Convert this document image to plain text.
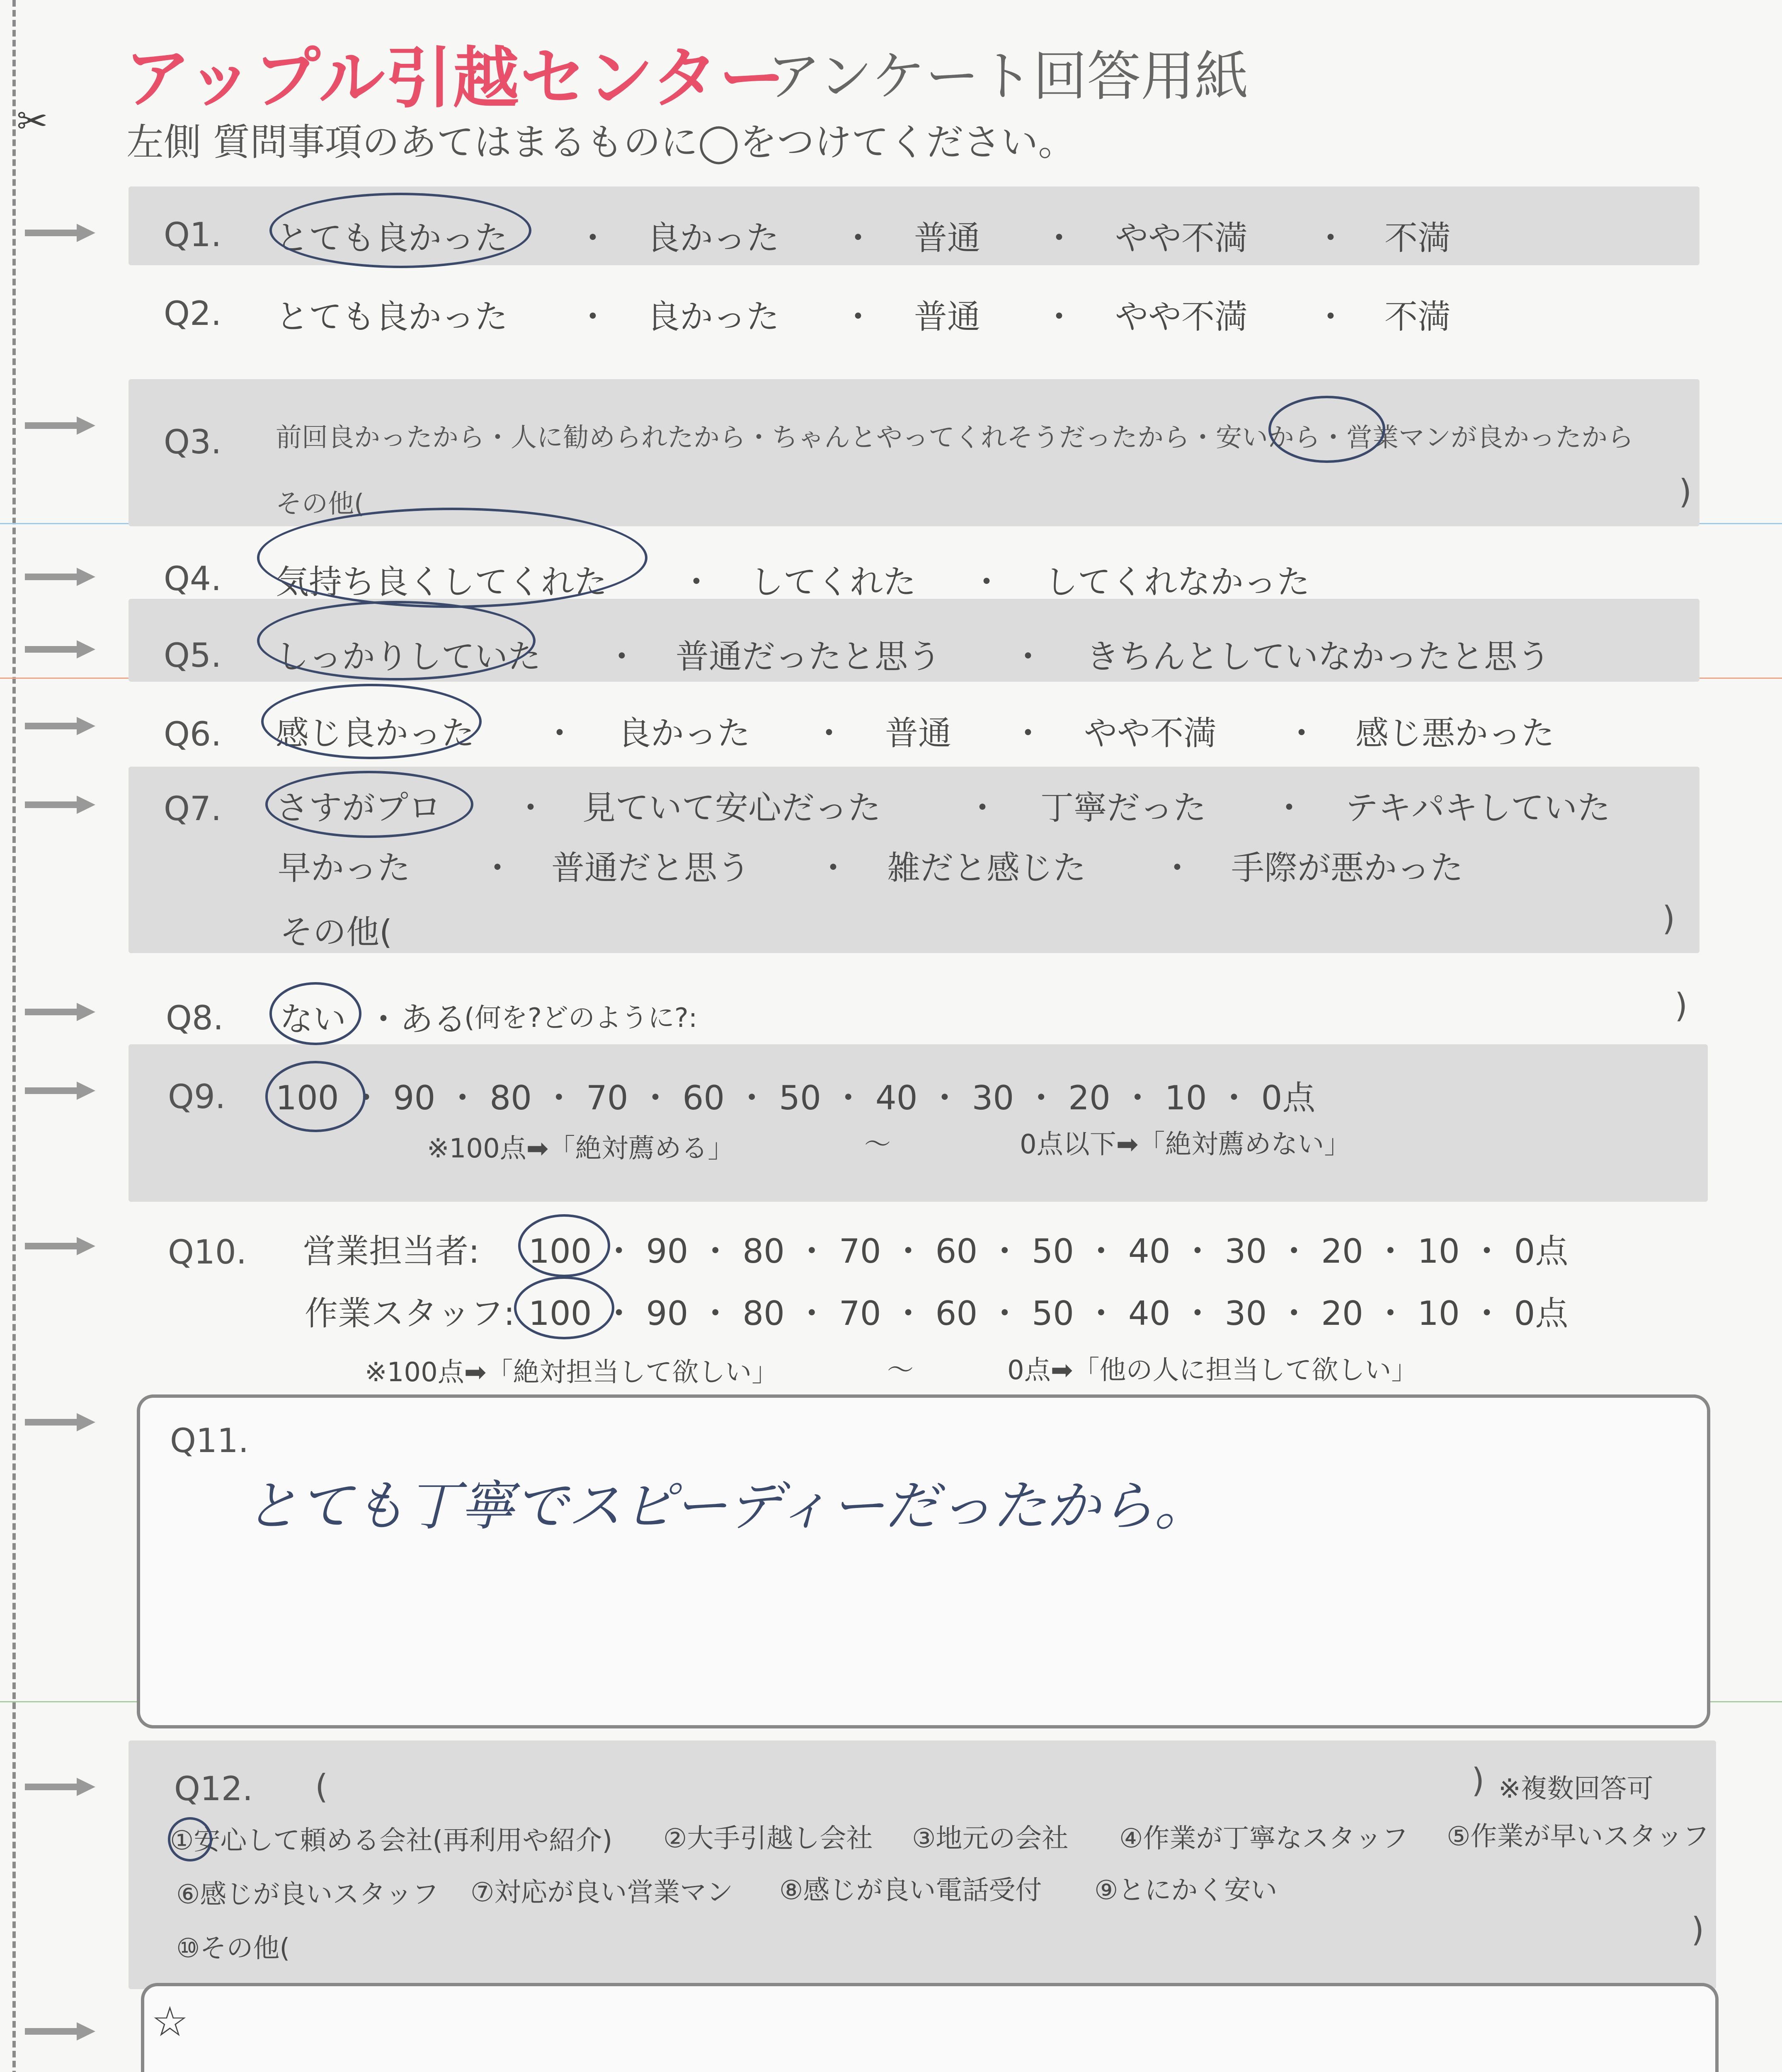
✂
アップル引越センター
アンケート回答用紙
左側 質問事項のあてはまるものに◯をつけてください。
Q1. とても良かった ・ 良かった ・ 普通 ・ やや不満 ・ 不満
Q2. とても良かった ・ 良かった ・ 普通 ・ やや不満 ・ 不満
Q3. 前回良かったから・人に勧められたから・ちゃんとやってくれそうだったから・安いから・営業マンが良かったから
その他(	)
Q4. 気持ち良くしてくれた ・ してくれた ・ してくれなかった
Q5. しっかりしていた ・ 普通だったと思う ・ きちんとしていなかったと思う
Q6. 感じ良かった ・ 良かった ・ 普通 ・ やや不満 ・ 感じ悪かった
Q7. さすがプロ ・ 見ていて安心だった	・ 丁寧だった ・ テキパキしていた
早かった ・ 普通だと思う ・ 雑だと感じた ・ 手際が悪かった
その他(	)
Q8. ない ・ ある
(何を?どのように?:	)
Q9. 100 ・ 90 ・ 80 ・ 70 ・ 60 ・ 50 ・ 40 ・ 30 ・ 20 ・ 10 ・ 0点
※100点➡「絶対薦める」	〜	0点以下➡「絶対薦めない」
Q10. 営業担当者: 100 ・ 90 ・ 80 ・ 70 ・ 60 ・ 50 ・ 40 ・ 30 ・ 20 ・ 10 ・ 0点
作業スタッフ: 100 ・ 90 ・ 80 ・ 70 ・ 60 ・ 50 ・ 40 ・ 30 ・ 20 ・ 10 ・ 0点
※100点➡「絶対担当して欲しい」	〜	0点➡「他の人に担当して欲しい」
Q11.
とても丁寧でスピーディーだったから。
Q12. (	) ※複数回答可
①安心して頼める会社(再利用や紹介) ②大手引越し会社 ③地元の会社 ④作業が丁寧なスタッフ ⑤作業が早いスタッフ
⑥感じが良いスタッフ ⑦対応が良い営業マン ⑧感じが良い電話受付 ⑨とにかく安い
⑩その他(	)
☆
